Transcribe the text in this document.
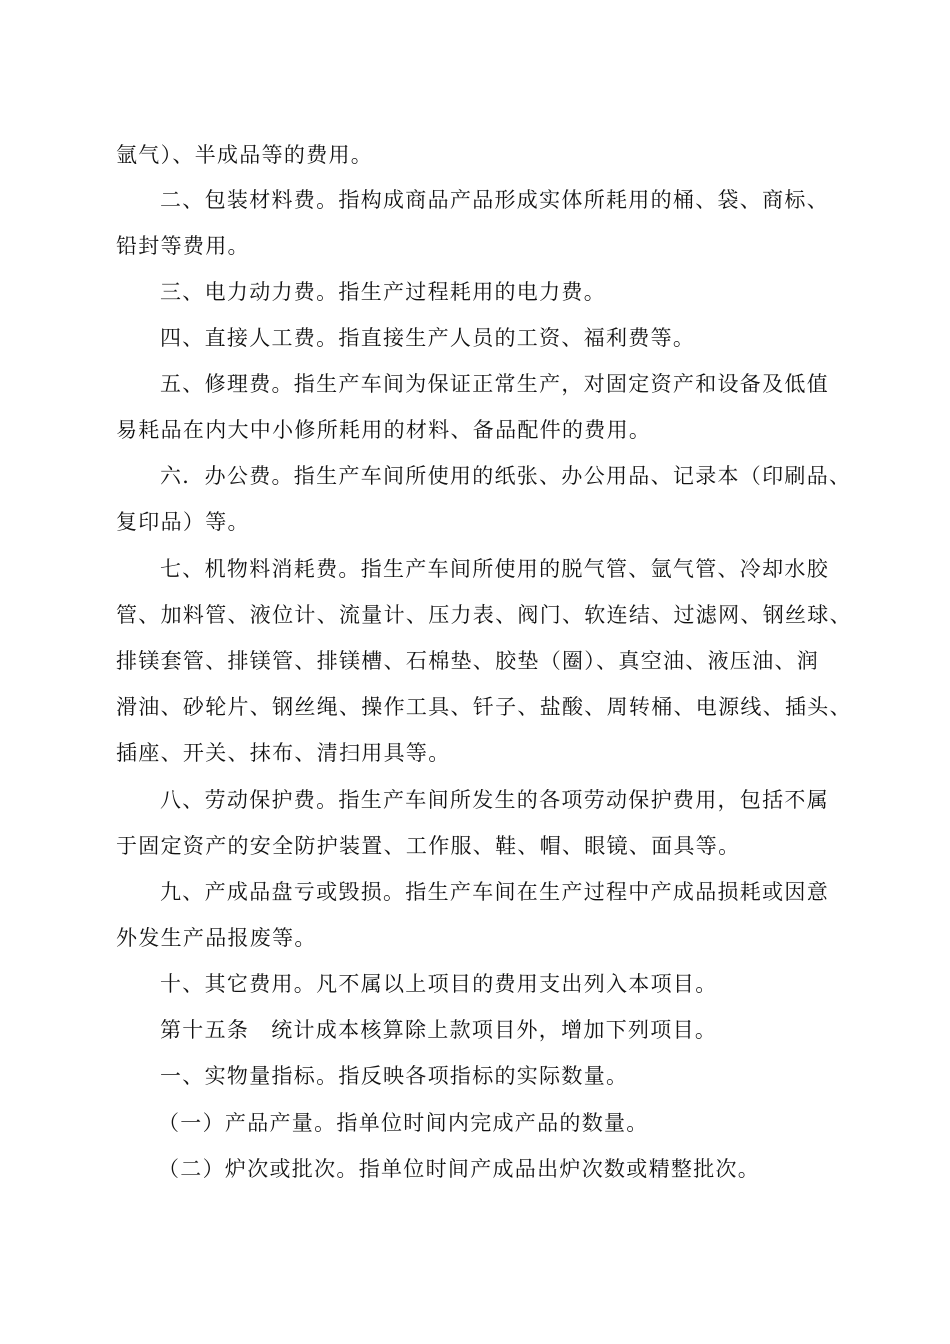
氩气）、半成品等的费用。

二、包装材料费。指构成商品产品形成实体所耗用的桶、袋、商标、

铅封等费用。

三、电力动力费。指生产过程耗用的电力费。

四、直接人工费。指直接生产人员的工资、福利费等。

五、修理费。指生产车间为保证正常生产，对固定资产和设备及低值

易耗品在内大中小修所耗用的材料、备品配件的费用。

六．办公费。指生产车间所使用的纸张、办公用品、记录本（印刷品、

复印品）等。

七、机物料消耗费。指生产车间所使用的脱气管、氩气管、冷却水胶

管、加料管、液位计、流量计、压力表、阀门、软连结、过滤网、钢丝球、

排镁套管、排镁管、排镁槽、石棉垫、胶垫（圈）、真空油、液压油、润

滑油、砂轮片、钢丝绳、操作工具、钎子、盐酸、周转桶、电源线、插头、

插座、开关、抹布、清扫用具等。

八、劳动保护费。指生产车间所发生的各项劳动保护费用，包括不属

于固定资产的安全防护装置、工作服、鞋、帽、眼镜、面具等。

九、产成品盘亏或毁损。指生产车间在生产过程中产成品损耗或因意

外发生产品报废等。

十、其它费用。凡不属以上项目的费用支出列入本项目。

第十五条 统计成本核算除上款项目外，增加下列项目。

一、实物量指标。指反映各项指标的实际数量。

（一）产品产量。指单位时间内完成产品的数量。

（二）炉次或批次。指单位时间产成品出炉次数或精整批次。
